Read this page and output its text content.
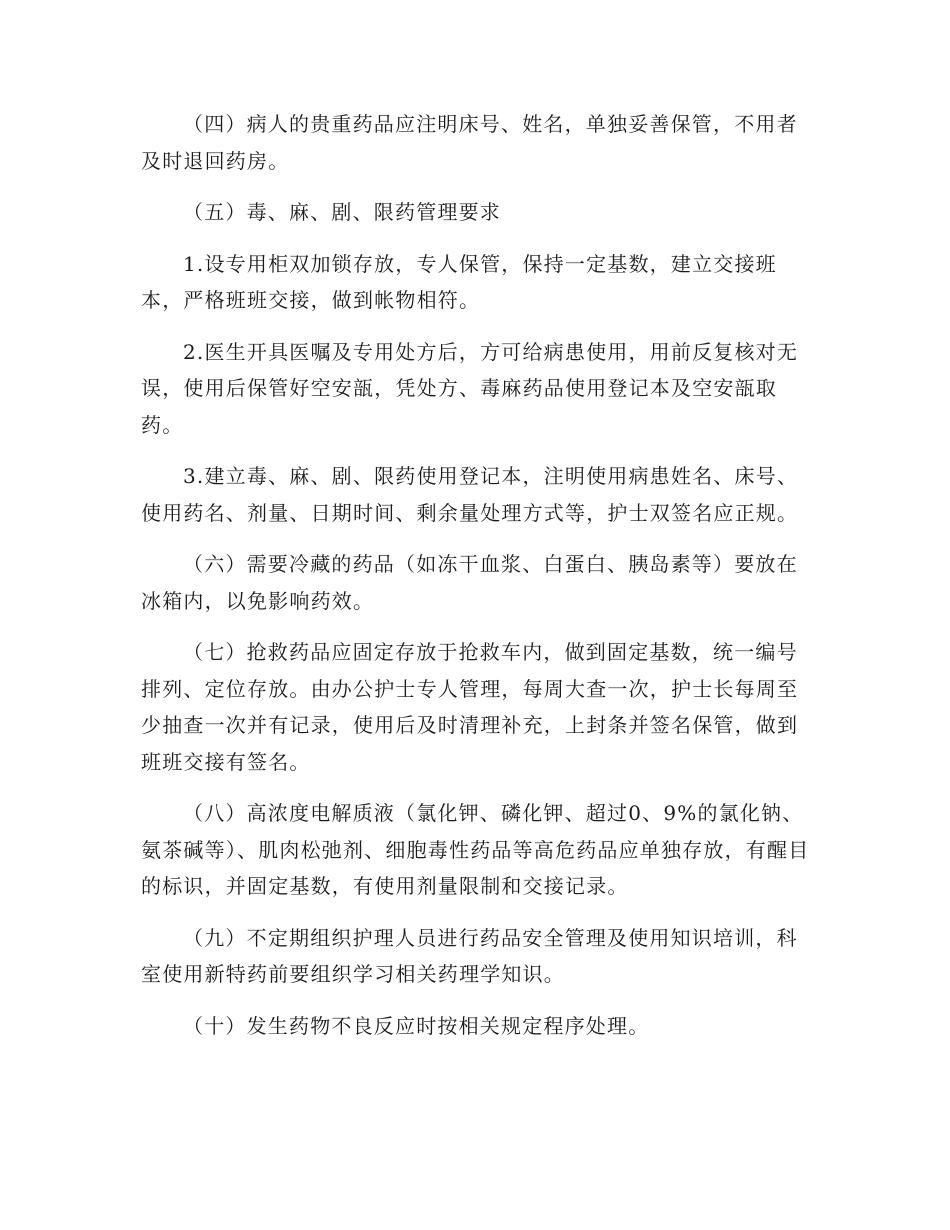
（四）病人的贵重药品应注明床号、姓名，单独妥善保管，不用者及时退回药房。

（五）毒、麻、剧、限药管理要求

1.设专用柜双加锁存放，专人保管，保持一定基数，建立交接班本，严格班班交接，做到帐物相符。

2.医生开具医嘱及专用处方后，方可给病患使用，用前反复核对无误，使用后保管好空安瓿，凭处方、毒麻药品使用登记本及空安瓿取药。

3.建立毒、麻、剧、限药使用登记本，注明使用病患姓名、床号、使用药名、剂量、日期时间、剩余量处理方式等，护士双签名应正规。

（六）需要冷藏的药品（如冻干血浆、白蛋白、胰岛素等）要放在冰箱内，以免影响药效。

（七）抢救药品应固定存放于抢救车内，做到固定基数，统一编号排列、定位存放。由办公护士专人管理，每周大查一次，护士长每周至少抽查一次并有记录，使用后及时清理补充，上封条并签名保管，做到班班交接有签名。

（八）高浓度电解质液（氯化钾、磷化钾、超过0、9%的氯化钠、氨茶碱等）、肌肉松弛剂、细胞毒性药品等高危药品应单独存放，有醒目的标识，并固定基数，有使用剂量限制和交接记录。

（九）不定期组织护理人员进行药品安全管理及使用知识培训，科室使用新特药前要组织学习相关药理学知识。

（十）发生药物不良反应时按相关规定程序处理。
